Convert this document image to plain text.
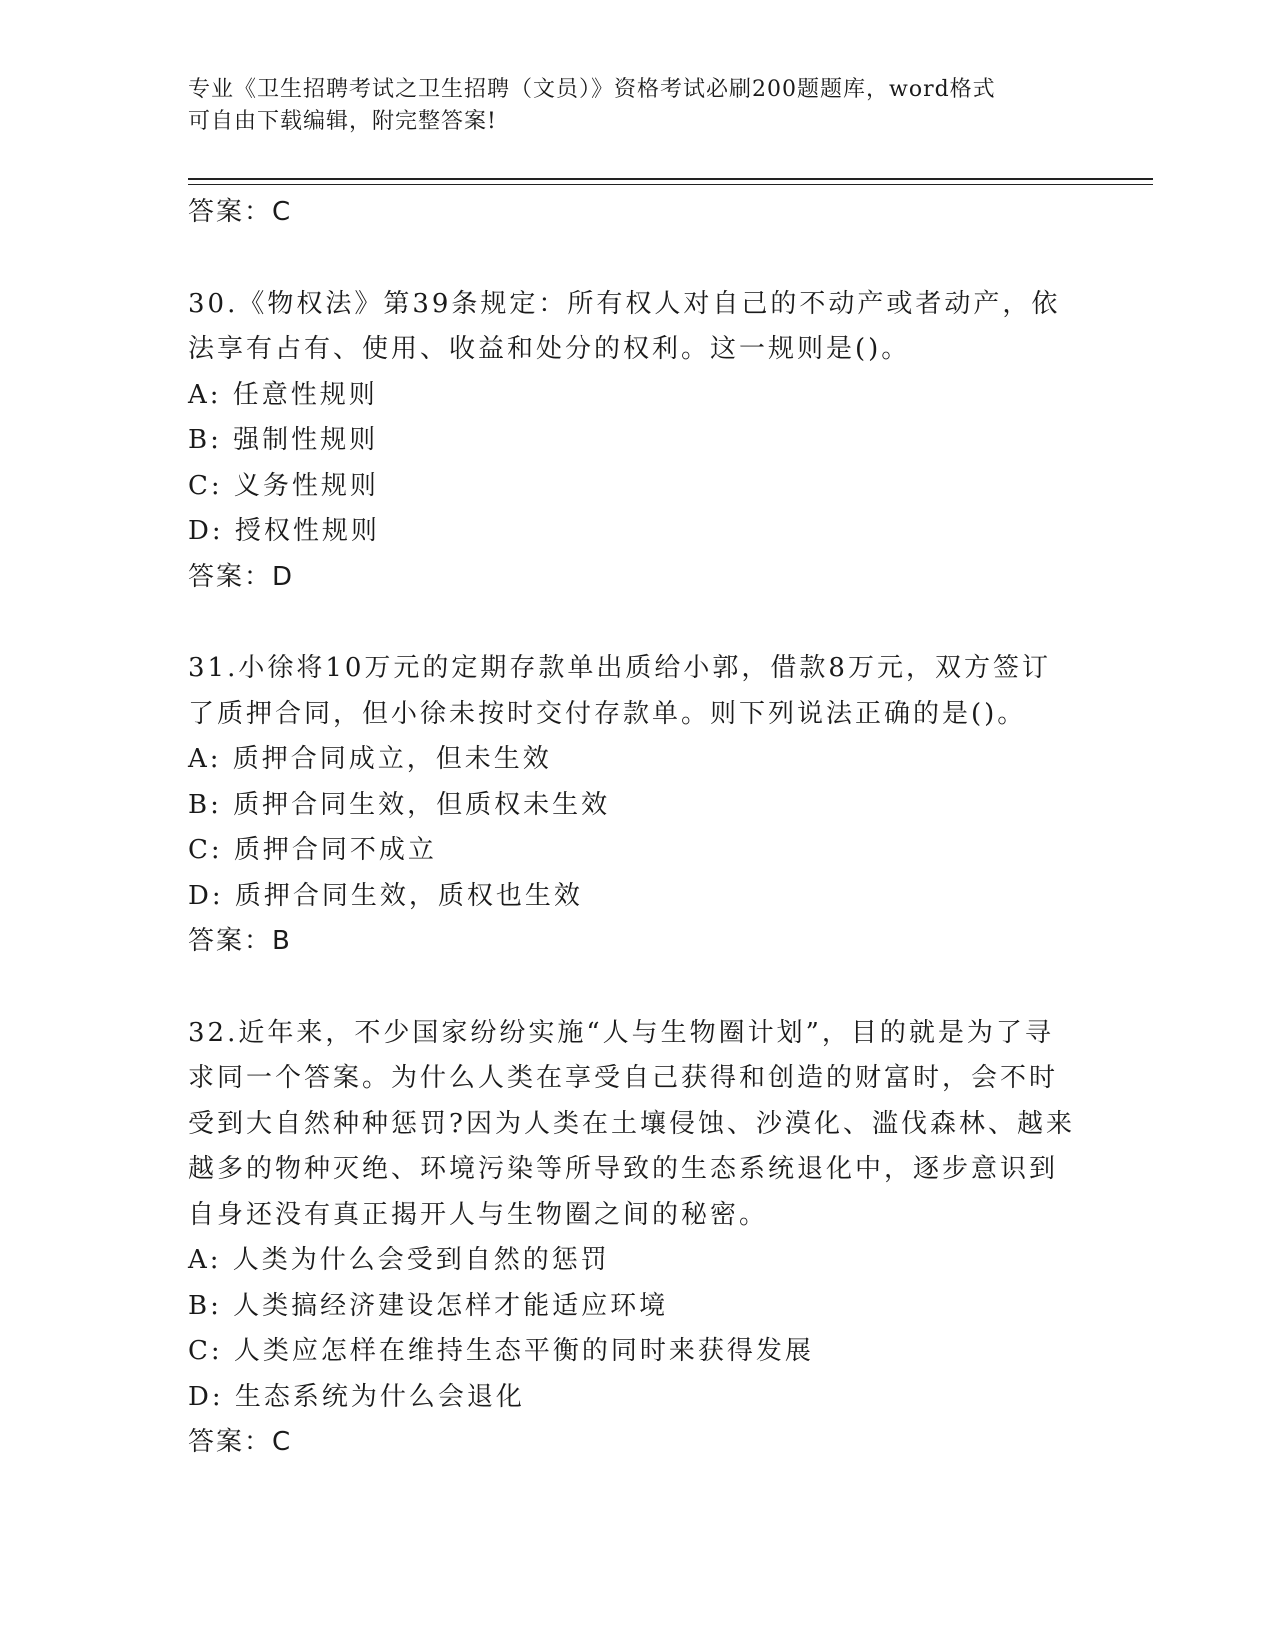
专业《卫生招聘考试之卫生招聘（文员）》资格考试必刷200题题库，word格式
可自由下载编辑，附完整答案!
答案：C
30.《物权法》第39条规定：所有权人对自己的不动产或者动产，依
法享有占有、使用、收益和处分的权利。这一规则是()。
A: 任意性规则
B: 强制性规则
C: 义务性规则
D: 授权性规则
答案：D
31.小徐将10万元的定期存款单出质给小郭，借款8万元，双方签订
了质押合同，但小徐未按时交付存款单。则下列说法正确的是()。
A: 质押合同成立，但未生效
B: 质押合同生效，但质权未生效
C: 质押合同不成立
D: 质押合同生效，质权也生效
答案：B
32.近年来，不少国家纷纷实施“人与生物圈计划”，目的就是为了寻
求同一个答案。为什么人类在享受自己获得和创造的财富时，会不时
受到大自然种种惩罚?因为人类在土壤侵蚀、沙漠化、滥伐森林、越来
越多的物种灭绝、环境污染等所导致的生态系统退化中，逐步意识到
自身还没有真正揭开人与生物圈之间的秘密。
A: 人类为什么会受到自然的惩罚
B: 人类搞经济建设怎样才能适应环境
C: 人类应怎样在维持生态平衡的同时来获得发展
D: 生态系统为什么会退化
答案：C
